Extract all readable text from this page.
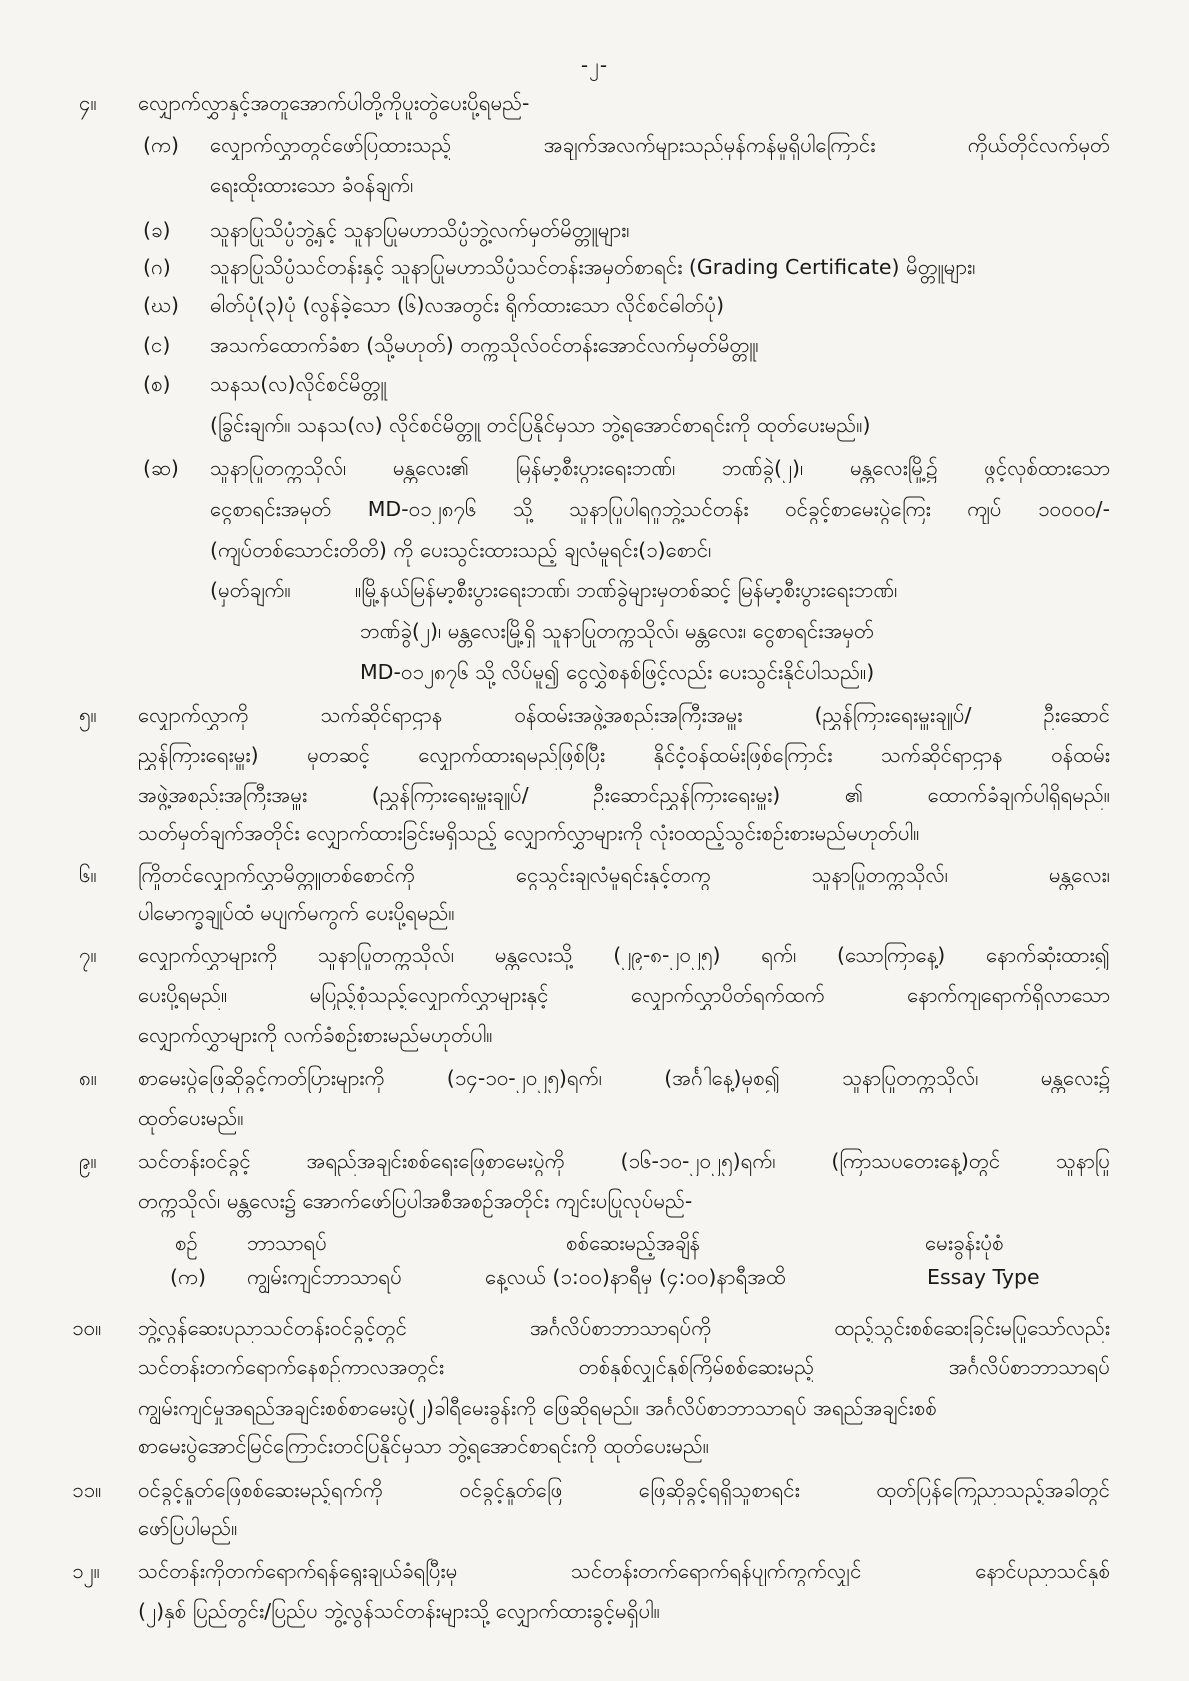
-၂-
၄။ လျှောက်လွှာနှင့်အတူအောက်ပါတို့ကိုပူးတွဲပေးပို့ရမည်-
(က) လျှောက်လွှာတွင်ဖော်ပြထားသည့် အချက်အလက်များသည်မှန်ကန်မှုရှိပါကြောင်း ကိုယ်တိုင်လက်မှတ်
ရေးထိုးထားသော ခံဝန်ချက်၊
(ခ) သူနာပြုသိပ္ပံဘွဲ့နှင့် သူနာပြုမဟာသိပ္ပံဘွဲ့လက်မှတ်မိတ္တူများ၊
(ဂ) သူနာပြုသိပ္ပံသင်တန်းနှင့် သူနာပြုမဟာသိပ္ပံသင်တန်းအမှတ်စာရင်း (Grading Certificate) မိတ္တူများ၊
(ဃ) ဓါတ်ပုံ(၃)ပုံ (လွန်ခဲ့သော (၆)လအတွင်း ရိုက်ထားသော လိုင်စင်ဓါတ်ပုံ)
(င) အသက်ထောက်ခံစာ (သို့မဟုတ်) တက္ကသိုလ်ဝင်တန်းအောင်လက်မှတ်မိတ္တူ၊
(စ) သနသ(လ)လိုင်စင်မိတ္တူ
(ခြွင်းချက်။ သနသ(လ) လိုင်စင်မိတ္တူ တင်ပြနိုင်မှသာ ဘွဲ့ရအောင်စာရင်းကို ထုတ်ပေးမည်။)
(ဆ) သူနာပြုတက္ကသိုလ်၊ မန္တလေး၏ မြန်မာ့စီးပွားရေးဘဏ်၊ ဘဏ်ခွဲ(၂)၊ မန္တလေးမြို့၌ ဖွင့်လှစ်ထားသော
ငွေစာရင်းအမှတ် MD-၀၁၂၈၇၆ သို့ သူနာပြုပါရဂူဘွဲ့သင်တန်း ဝင်ခွင့်စာမေးပွဲကြေး ကျပ် ၁၀၀၀၀/-
(ကျပ်တစ်သောင်းတိတိ) ကို ပေးသွင်းထားသည့် ချလံမူရင်း(၁)စောင်၊
(မှတ်ချက်။	။မြို့နယ်မြန်မာ့စီးပွားရေးဘဏ်၊ ဘဏ်ခွဲများမှတစ်ဆင့် မြန်မာ့စီးပွားရေးဘဏ်၊
ဘဏ်ခွဲ(၂)၊ မန္တလေးမြို့ရှိ သူနာပြုတက္ကသိုလ်၊ မန္တလေး၊ ငွေစာရင်းအမှတ်
MD-၀၁၂၈၇၆ သို့ လိပ်မူ၍ ငွေလွှဲစနစ်ဖြင့်လည်း ပေးသွင်းနိုင်ပါသည်။)
၅။ လျှောက်လွှာကို သက်ဆိုင်ရာဌာန ဝန်ထမ်းအဖွဲ့အစည်းအကြီးအမှူး (ညွှန်ကြားရေးမှူးချုပ်/ ဦးဆောင်
ညွှန်ကြားရေးမှူး) မှတဆင့် လျှောက်ထားရမည်ဖြစ်ပြီး နိုင်ငံ့ဝန်ထမ်းဖြစ်ကြောင်း သက်ဆိုင်ရာဌာန ဝန်ထမ်း
အဖွဲ့အစည်းအကြီးအမှူး (ညွှန်ကြားရေးမှူးချုပ်/ ဦးဆောင်ညွှန်ကြားရေးမှူး) ၏ ထောက်ခံချက်ပါရှိရမည်။
သတ်မှတ်ချက်အတိုင်း လျှောက်ထားခြင်းမရှိသည့် လျှောက်လွှာများကို လုံးဝထည့်သွင်းစဉ်းစားမည်မဟုတ်ပါ။
၆။ ကြိုတင်လျှောက်လွှာမိတ္တူတစ်စောင်ကို ငွေသွင်းချလံမူရင်းနှင့်တကွ သူနာပြုတက္ကသိုလ်၊ မန္တလေး၊
ပါမောက္ခချုပ်ထံ မပျက်မကွက် ပေးပို့ရမည်။
၇။ လျှောက်လွှာများကို သူနာပြုတက္ကသိုလ်၊ မန္တလေးသို့ (၂၉-၈-၂၀၂၅) ရက်၊ (သောကြာနေ့) နောက်ဆုံးထား၍
ပေးပို့ရမည်။ မပြည့်စုံသည့်လျှောက်လွှာများနှင့် လျှောက်လွှာပိတ်ရက်ထက် နောက်ကျရောက်ရှိလာသော
လျှောက်လွှာများကို လက်ခံစဉ်းစားမည်မဟုတ်ပါ။
၈။ စာမေးပွဲဖြေဆိုခွင့်ကတ်ပြားများကို (၁၄-၁၀-၂၀၂၅)ရက်၊ (အင်္ဂါနေ့)မှစ၍ သူနာပြုတက္ကသိုလ်၊ မန္တလေး၌
ထုတ်ပေးမည်။
၉။ သင်တန်းဝင်ခွင့် အရည်အချင်းစစ်ရေးဖြေစာမေးပွဲကို (၁၆-၁၀-၂၀၂၅)ရက်၊ (ကြာသပတေးနေ့)တွင် သူနာပြု
တက္ကသိုလ်၊ မန္တလေး၌ အောက်ဖော်ပြပါအစီအစဉ်အတိုင်း ကျင်းပပြုလုပ်မည်-
စဉ် ဘာသာရပ်	စစ်ဆေးမည့်အချိန်	မေးခွန်းပုံစံ
(က) ကျွမ်းကျင်ဘာသာရပ်	နေ့လယ် (၁:၀၀)နာရီမှ (၄:၀၀)နာရီအထိ	Essay Type
၁၀။ ဘွဲ့လွန်ဆေးပညာသင်တန်းဝင်ခွင့်တွင် အင်္ဂလိပ်စာဘာသာရပ်ကို ထည့်သွင်းစစ်ဆေးခြင်းမပြုသော်လည်း
သင်တန်းတက်ရောက်နေစဉ်ကာလအတွင်း တစ်နှစ်လျှင်နှစ်ကြိမ်စစ်ဆေးမည့် အင်္ဂလိပ်စာဘာသာရပ်
ကျွမ်းကျင်မှုအရည်အချင်းစစ်စာမေးပွဲ(၂)ခါရီမေးခွန်းကို ဖြေဆိုရမည်။ အင်္ဂလိပ်စာဘာသာရပ် အရည်အချင်းစစ်
စာမေးပွဲအောင်မြင်ကြောင်းတင်ပြနိုင်မှသာ ဘွဲ့ရအောင်စာရင်းကို ထုတ်ပေးမည်။
၁၁။ ဝင်ခွင့်နှုတ်ဖြေစစ်ဆေးမည့်ရက်ကို ဝင်ခွင့်နှုတ်ဖြေ ဖြေဆိုခွင့်ရရှိသူစာရင်း ထုတ်ပြန်ကြေညာသည့်အခါတွင်
ဖော်ပြပါမည်။
၁၂။ သင်တန်းကိုတက်ရောက်ရန်ရွေးချယ်ခံရပြီးမှ သင်တန်းတက်ရောက်ရန်ပျက်ကွက်လျှင် နောင်ပညာသင်နှစ်
(၂)နှစ် ပြည်တွင်း/ပြည်ပ ဘွဲ့လွန်သင်တန်းများသို့ လျှောက်ထားခွင့်မရှိပါ။
